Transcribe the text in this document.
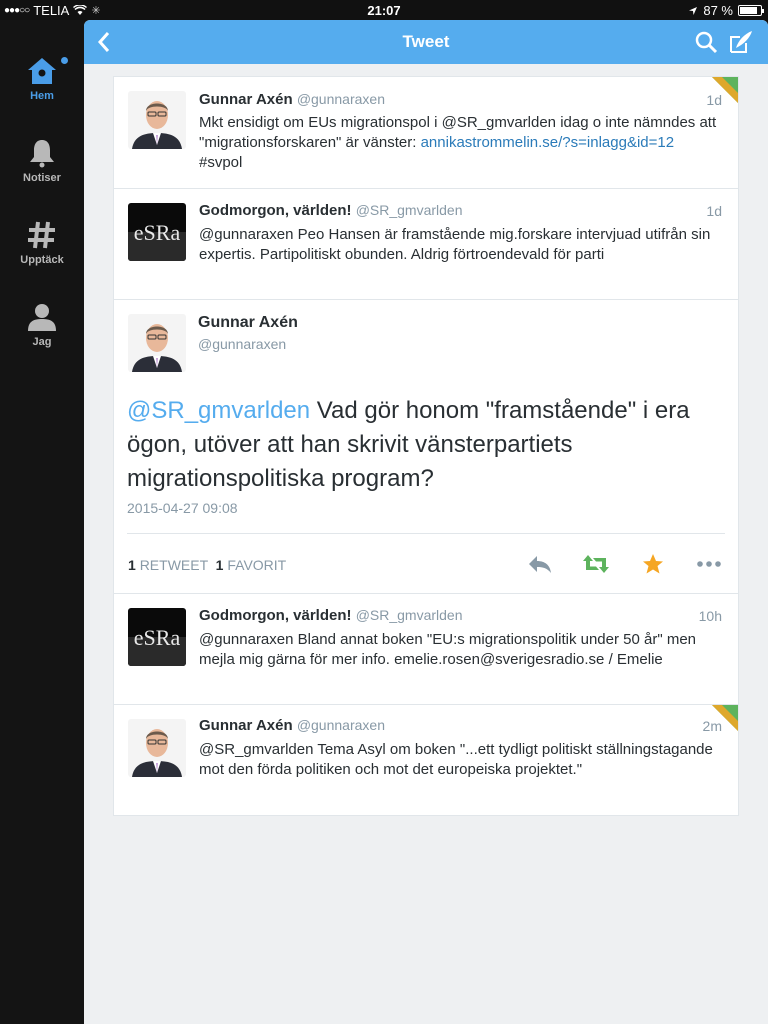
●●●○○ TELIA ✳	21:07	87 %
Hem
Notiser
Upptäck
Jag
Tweet
Gunnar Axén @gunnaraxen	1d
Mkt ensidigt om EUs migrationspol i @SR_gmvarlden idag o inte nämndes att "migrationsforskaren" är vänster: annikastrommelin.se/?s=inlagg&id=12 #svpol
eSRa
Godmorgon, världen! @SR_gmvarlden	1d
@gunnaraxen Peo Hansen är framstående mig.forskare intervjuad utifrån sin expertis. Partipolitiskt obunden. Aldrig förtroendevald för parti
Gunnar Axén
@gunnaraxen
@SR_gmvarlden Vad gör honom "framstående" i era ögon, utöver att han skrivit vänsterpartiets migrationspolitiska program?
2015-04-27 09:08
1 RETWEET 1 FAVORIT
eSRa
Godmorgon, världen! @SR_gmvarlden	10h
@gunnaraxen Bland annat boken "EU:s migrationspolitik under 50 år" men mejla mig gärna för mer info. emelie.rosen@sverigesradio.se / Emelie
Gunnar Axén @gunnaraxen	2m
@SR_gmvarlden Tema Asyl om boken "...ett tydligt politiskt ställningstagande mot den förda politiken och mot det europeiska projektet."
